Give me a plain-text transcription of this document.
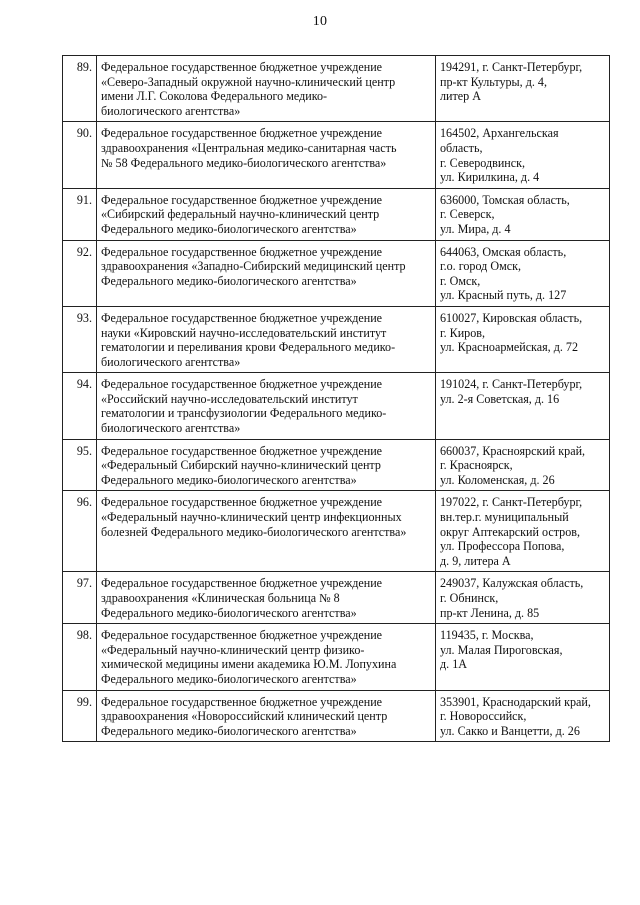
10
89.	Федеральное государственное бюджетное учреждение
«Северо-Западный окружной научно-клинический центр
имени Л.Г. Соколова Федерального медико-
биологического агентства»	194291, г. Санкт-Петербург,
пр-кт Культуры, д. 4,
литер А

90.	Федеральное государственное бюджетное учреждение
здравоохранения «Центральная медико-санитарная часть
№ 58 Федерального медико-биологического агентства»	164502, Архангельская
область,
г. Северодвинск,
ул. Кирилкина, д. 4

91.	Федеральное государственное бюджетное учреждение
«Сибирский федеральный научно-клинический центр
Федерального медико-биологического агентства»	636000, Томская область,
г. Северск,
ул. Мира, д. 4

92.	Федеральное государственное бюджетное учреждение
здравоохранения «Западно-Сибирский медицинский центр
Федерального медико-биологического агентства»	644063, Омская область,
г.о. город Омск,
г. Омск,
ул. Красный путь, д. 127

93.	Федеральное государственное бюджетное учреждение
науки «Кировский научно-исследовательский институт
гематологии и переливания крови Федерального медико-
биологического агентства»	610027, Кировская область,
г. Киров,
ул. Красноармейская, д. 72

94.	Федеральное государственное бюджетное учреждение
«Российский научно-исследовательский институт
гематологии и трансфузиологии Федерального медико-
биологического агентства»	191024, г. Санкт-Петербург,
ул. 2-я Советская, д. 16

95.	Федеральное государственное бюджетное учреждение
«Федеральный Сибирский научно-клинический центр
Федерального медико-биологического агентства»	660037, Красноярский край,
г. Красноярск,
ул. Коломенская, д. 26

96.	Федеральное государственное бюджетное учреждение
«Федеральный научно-клинический центр инфекционных
болезней Федерального медико-биологического агентства»	197022, г. Санкт-Петербург,
вн.тер.г. муниципальный
округ Аптекарский остров,
ул. Профессора Попова,
д. 9, литера А

97.	Федеральное государственное бюджетное учреждение
здравоохранения «Клиническая больница № 8
Федерального медико-биологического агентства»	249037, Калужская область,
г. Обнинск,
пр-кт Ленина, д. 85

98.	Федеральное государственное бюджетное учреждение
«Федеральный научно-клинический центр физико-
химической медицины имени академика Ю.М. Лопухина
Федерального медико-биологического агентства»	119435, г. Москва,
ул. Малая Пироговская,
д. 1А

99.	Федеральное государственное бюджетное учреждение
здравоохранения «Новороссийский клинический центр
Федерального медико-биологического агентства»	353901, Краснодарский край,
г. Новороссийск,
ул. Сакко и Ванцетти, д. 26
